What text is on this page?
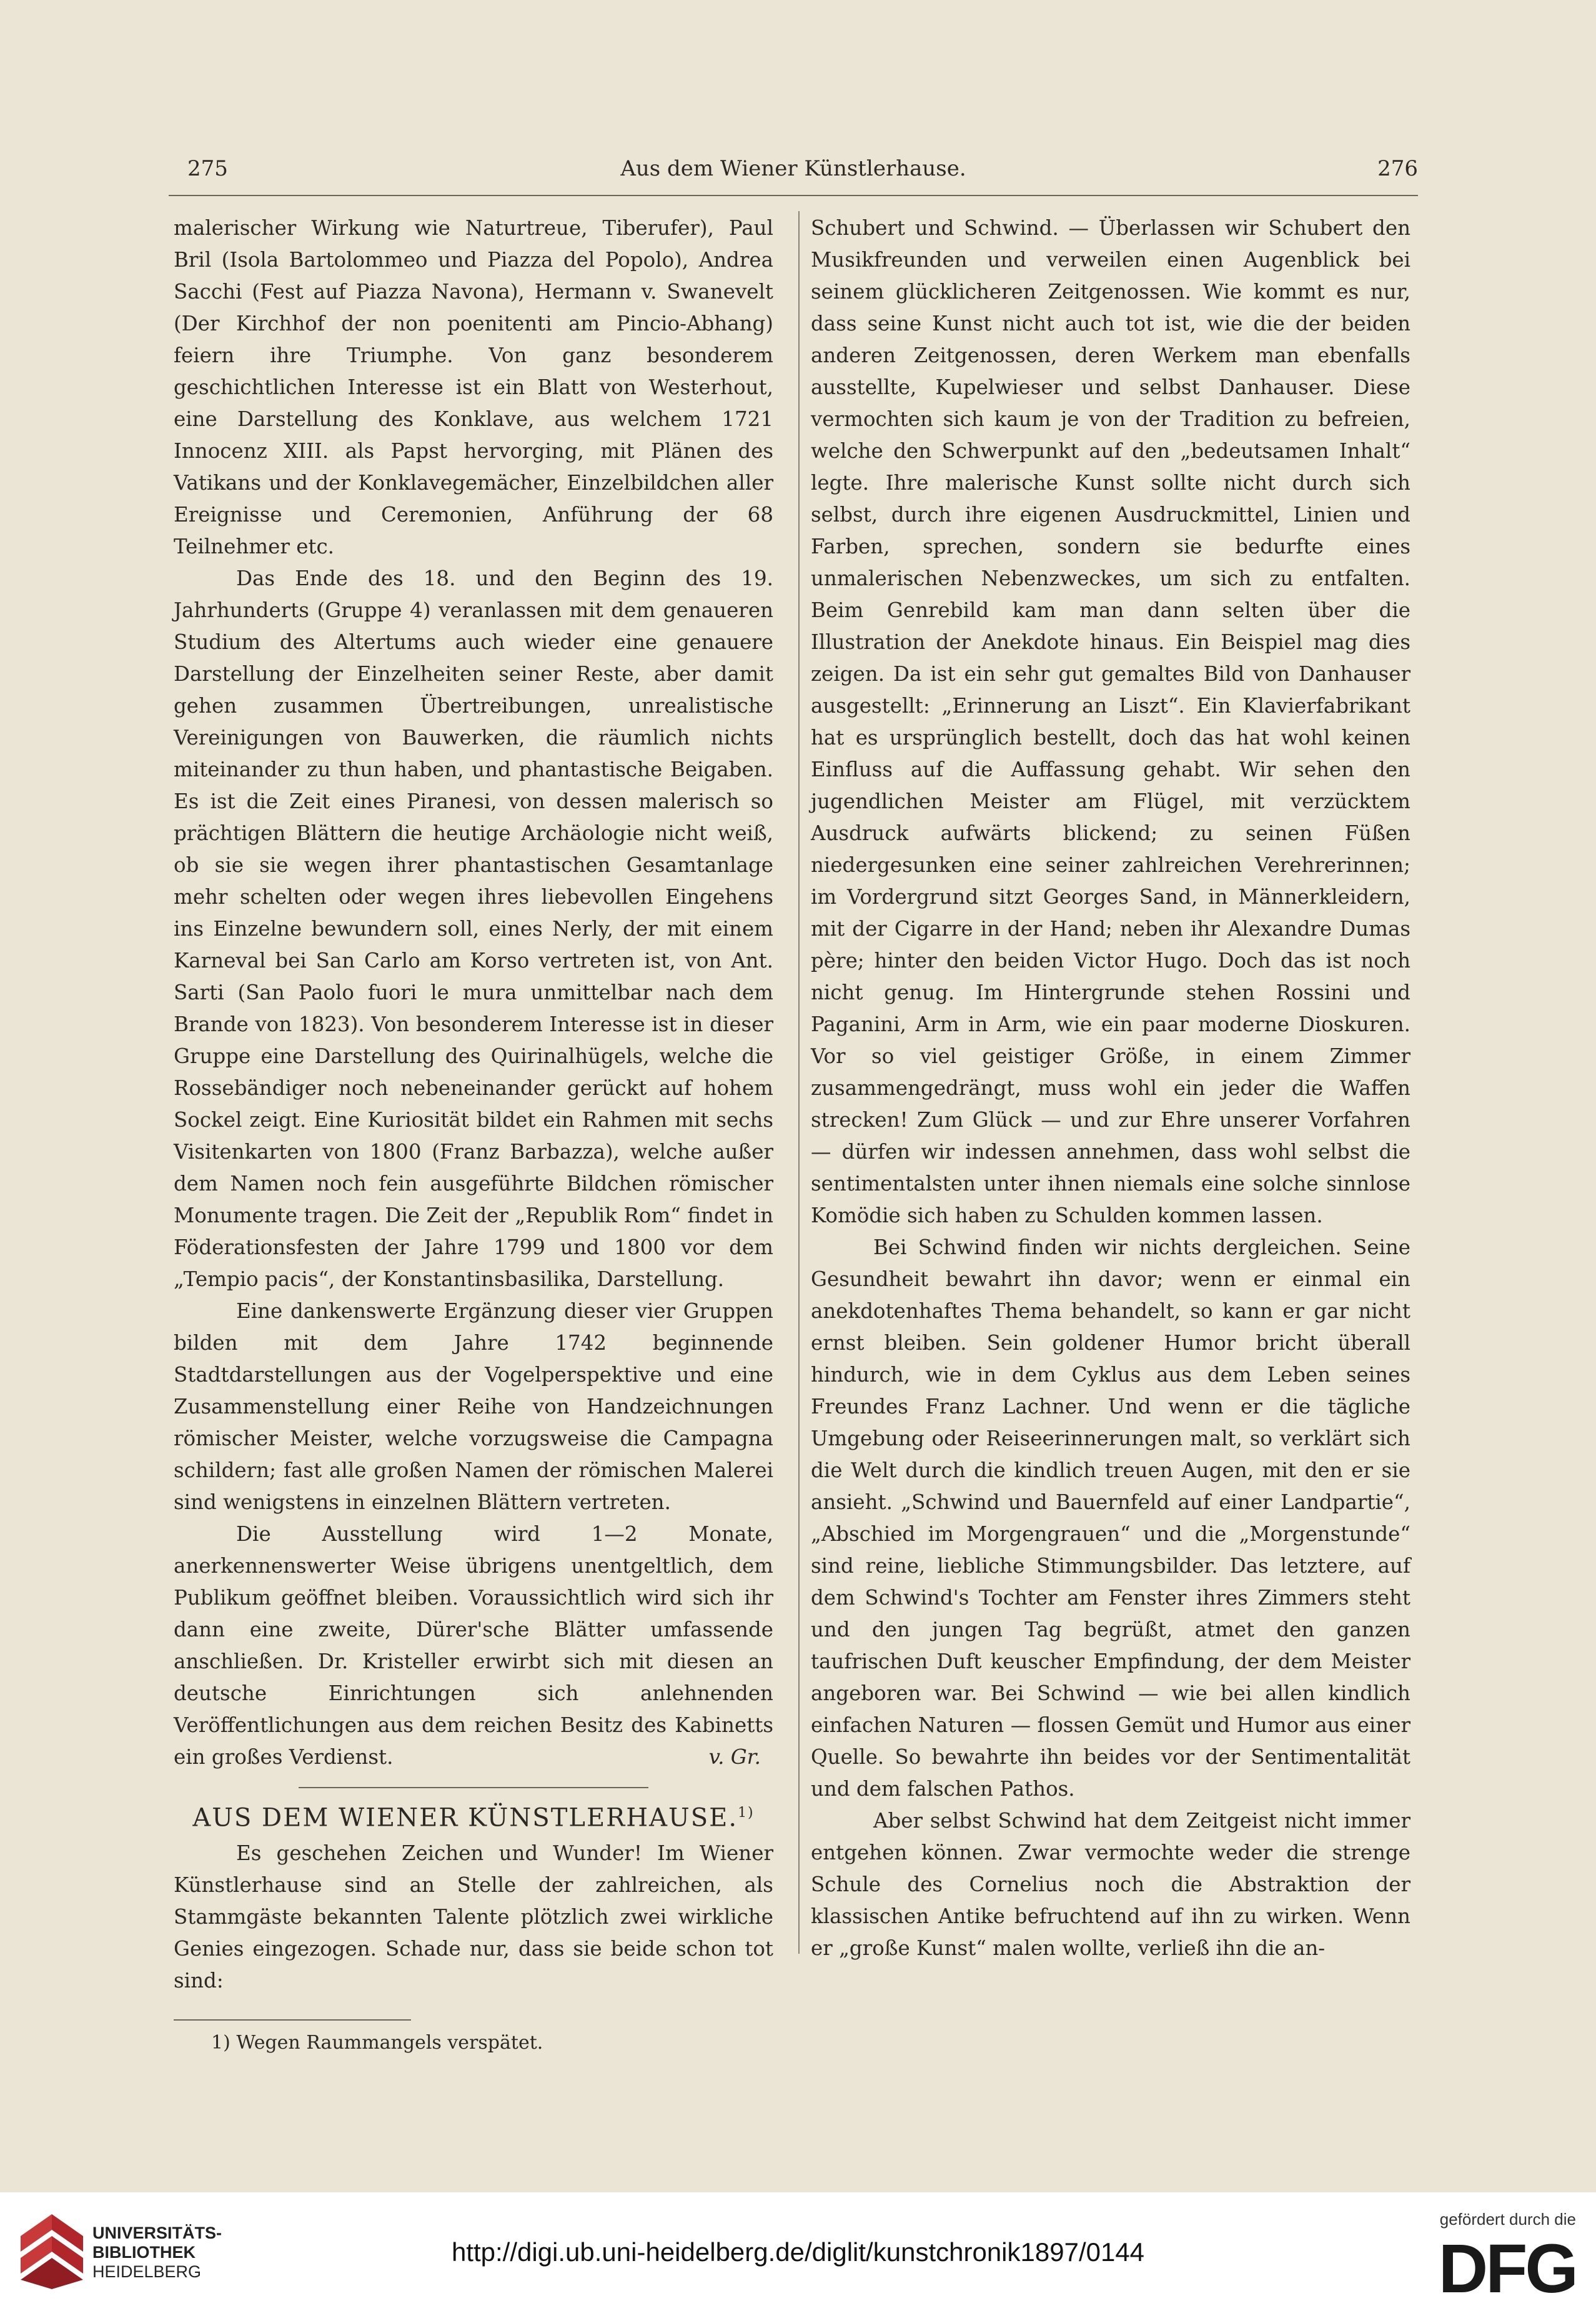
275	Aus dem Wiener Künstlerhause.	276

malerischer Wirkung wie Naturtreue, Tiberufer), Paul Bril (Isola Bartolommeo und Piazza del Popolo), Andrea Sacchi (Fest auf Piazza Navona), Hermann v. Swanevelt (Der Kirchhof der non poenitenti am Pincio-Abhang) feiern ihre Triumphe. Von ganz besonderem geschichtlichen Interesse ist ein Blatt von Westerhout, eine Darstellung des Konklave, aus welchem 1721 Innocenz XIII. als Papst hervorging, mit Plänen des Vatikans und der Konklavegemächer, Einzelbildchen aller Ereignisse und Ceremonien, Anführung der 68 Teilnehmer etc.

Das Ende des 18. und den Beginn des 19. Jahrhunderts (Gruppe 4) veranlassen mit dem genaueren Studium des Altertums auch wieder eine genauere Darstellung der Einzelheiten seiner Reste, aber damit gehen zusammen Übertreibungen, unrealistische Vereinigungen von Bauwerken, die räumlich nichts miteinander zu thun haben, und phantastische Beigaben. Es ist die Zeit eines Piranesi, von dessen malerisch so prächtigen Blättern die heutige Archäologie nicht weiß, ob sie sie wegen ihrer phantastischen Gesamtanlage mehr schelten oder wegen ihres liebevollen Eingehens ins Einzelne bewundern soll, eines Nerly, der mit einem Karneval bei San Carlo am Korso vertreten ist, von Ant. Sarti (San Paolo fuori le mura unmittelbar nach dem Brande von 1823). Von besonderem Interesse ist in dieser Gruppe eine Darstellung des Quirinalhügels, welche die Rossebändiger noch nebeneinander gerückt auf hohem Sockel zeigt. Eine Kuriosität bildet ein Rahmen mit sechs Visitenkarten von 1800 (Franz Barbazza), welche außer dem Namen noch fein ausgeführte Bildchen römischer Monumente tragen. Die Zeit der „Republik Rom“ findet in Föderationsfesten der Jahre 1799 und 1800 vor dem „Tempio pacis“, der Konstantinsbasilika, Darstellung.

Eine dankenswerte Ergänzung dieser vier Gruppen bilden mit dem Jahre 1742 beginnende Stadtdarstellungen aus der Vogelperspektive und eine Zusammenstellung einer Reihe von Handzeichnungen römischer Meister, welche vorzugsweise die Campagna schildern; fast alle großen Namen der römischen Malerei sind wenigstens in einzelnen Blättern vertreten.

Die Ausstellung wird 1—2 Monate, anerkennenswerter Weise übrigens unentgeltlich, dem Publikum geöffnet bleiben. Voraussichtlich wird sich ihr dann eine zweite, Dürer'sche Blätter umfassende anschließen. Dr. Kristeller erwirbt sich mit diesen an deutsche Einrichtungen sich anlehnenden Veröffentlichungen aus dem reichen Besitz des Kabinetts ein großes Verdienst.	v. Gr.

AUS DEM WIENER KÜNSTLERHAUSE.$^{1)}$

Es geschehen Zeichen und Wunder! Im Wiener Künstlerhause sind an Stelle der zahlreichen, als Stammgäste bekannten Talente plötzlich zwei wirkliche Genies eingezogen. Schade nur, dass sie beide schon tot sind:

1) Wegen Raummangels verspätet.

Schubert und Schwind. — Überlassen wir Schubert den Musikfreunden und verweilen einen Augenblick bei seinem glücklicheren Zeitgenossen. Wie kommt es nur, dass seine Kunst nicht auch tot ist, wie die der beiden anderen Zeitgenossen, deren Werkem man ebenfalls ausstellte, Kupelwieser und selbst Danhauser. Diese vermochten sich kaum je von der Tradition zu befreien, welche den Schwerpunkt auf den „bedeutsamen Inhalt“ legte. Ihre malerische Kunst sollte nicht durch sich selbst, durch ihre eigenen Ausdruckmittel, Linien und Farben, sprechen, sondern sie bedurfte eines unmalerischen Nebenzweckes, um sich zu entfalten. Beim Genrebild kam man dann selten über die Illustration der Anekdote hinaus. Ein Beispiel mag dies zeigen. Da ist ein sehr gut gemaltes Bild von Danhauser ausgestellt: „Erinnerung an Liszt“. Ein Klavierfabrikant hat es ursprünglich bestellt, doch das hat wohl keinen Einfluss auf die Auffassung gehabt. Wir sehen den jugendlichen Meister am Flügel, mit verzücktem Ausdruck aufwärts blickend; zu seinen Füßen niedergesunken eine seiner zahlreichen Verehrerinnen; im Vordergrund sitzt Georges Sand, in Männerkleidern, mit der Cigarre in der Hand; neben ihr Alexandre Dumas père; hinter den beiden Victor Hugo. Doch das ist noch nicht genug. Im Hintergrunde stehen Rossini und Paganini, Arm in Arm, wie ein paar moderne Dioskuren. Vor so viel geistiger Größe, in einem Zimmer zusammengedrängt, muss wohl ein jeder die Waffen strecken! Zum Glück — und zur Ehre unserer Vorfahren — dürfen wir indessen annehmen, dass wohl selbst die sentimentalsten unter ihnen niemals eine solche sinnlose Komödie sich haben zu Schulden kommen lassen.

Bei Schwind finden wir nichts dergleichen. Seine Gesundheit bewahrt ihn davor; wenn er einmal ein anekdotenhaftes Thema behandelt, so kann er gar nicht ernst bleiben. Sein goldener Humor bricht überall hindurch, wie in dem Cyklus aus dem Leben seines Freundes Franz Lachner. Und wenn er die tägliche Umgebung oder Reiseerinnerungen malt, so verklärt sich die Welt durch die kindlich treuen Augen, mit den er sie ansieht. „Schwind und Bauernfeld auf einer Landpartie“, „Abschied im Morgengrauen“ und die „Morgenstunde“ sind reine, liebliche Stimmungsbilder. Das letztere, auf dem Schwind's Tochter am Fenster ihres Zimmers steht und den jungen Tag begrüßt, atmet den ganzen taufrischen Duft keuscher Empfindung, der dem Meister angeboren war. Bei Schwind — wie bei allen kindlich einfachen Naturen — flossen Gemüt und Humor aus einer Quelle. So bewahrte ihn beides vor der Sentimentalität und dem falschen Pathos.

Aber selbst Schwind hat dem Zeitgeist nicht immer entgehen können. Zwar vermochte weder die strenge Schule des Cornelius noch die Abstraktion der klassischen Antike befruchtend auf ihn zu wirken. Wenn er „große Kunst“ malen wollte, verließ ihn die an-

UNIVERSITÄTS-
BIBLIOTHEK
HEIDELBERG
http://digi.ub.uni-heidelberg.de/diglit/kunstchronik1897/0144
gefördert durch die
DFG
